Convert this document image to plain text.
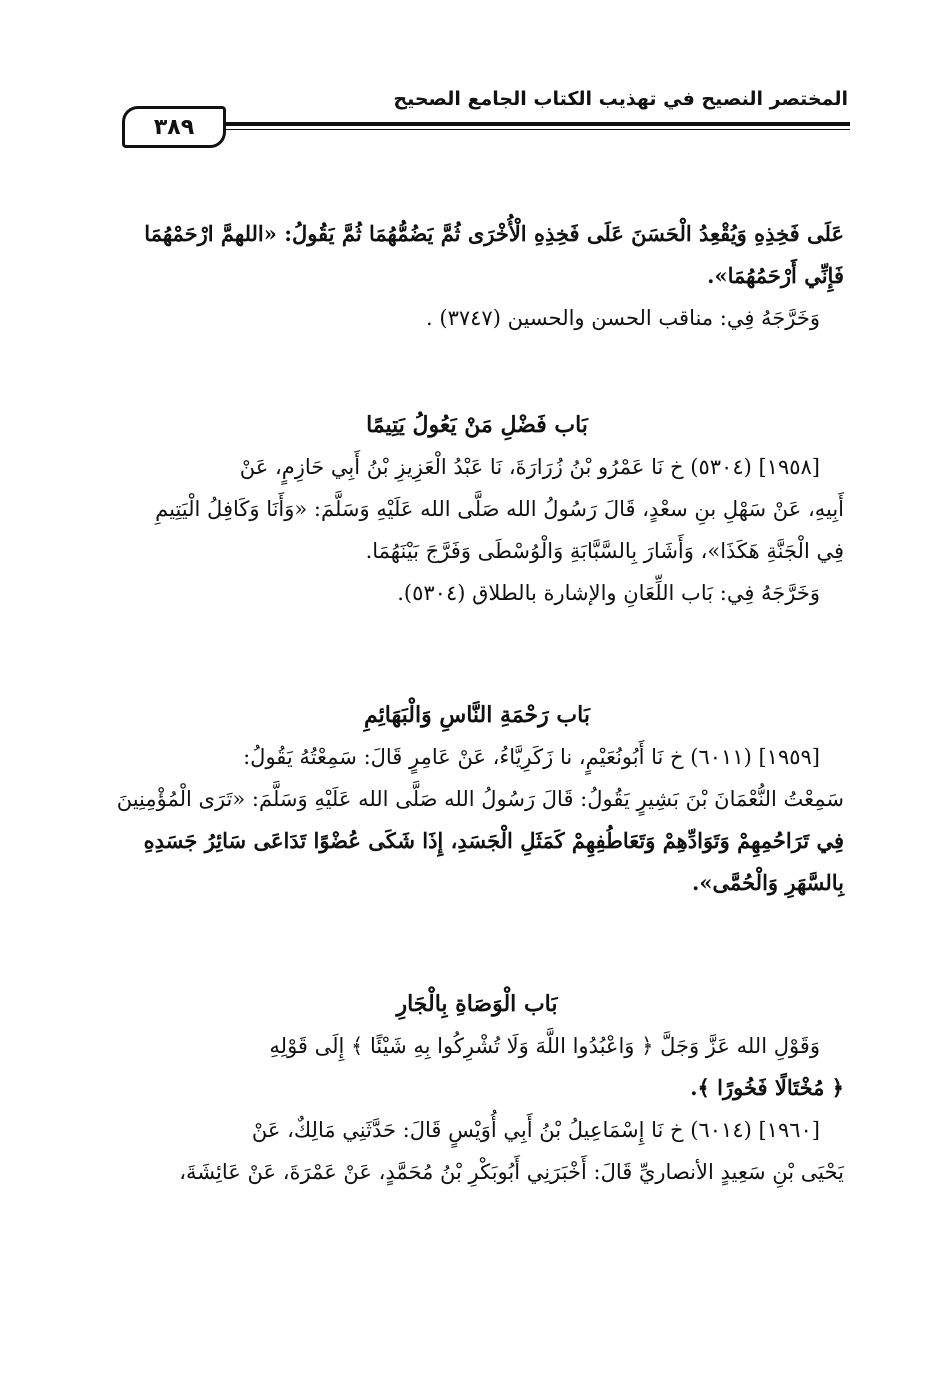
المختصر النصيح في تهذيب الكتاب الجامع الصحيح
٣٨٩

عَلَى فَخِذِهِ وَيُقْعِدُ الْحَسَنَ عَلَى فَخِذِهِ الْأُخْرَى ثُمَّ يَضُمُّهُمَا ثُمَّ يَقُولُ: «اللهمَّ ارْحَمْهُمَا

فَإِنِّي أَرْحَمُهُمَا».

وَخَرَّجَهُ فِي: مناقب الحسن والحسين (٣٧٤٧) .

بَاب فَضْلِ مَنْ يَعُولُ يَتِيمًا

[١٩٥٨] (٥٣٠٤) خ نَا عَمْرُو بْنُ زُرَارَةَ، نَا عَبْدُ الْعَزِيزِ بْنُ أَبِي حَازِمٍ، عَنْ

أَبِيهِ، عَنْ سَهْلِ بنِ سعْدٍ، قَالَ رَسُولُ الله صَلَّى الله عَلَيْهِ وَسَلَّمَ: «وَأَنَا وَكَافِلُ الْيَتِيمِ

فِي الْجَنَّةِ هَكَذَا»، وَأَشَارَ بِالسَّبَّابَةِ وَالْوُسْطَى وَفَرَّجَ بَيْنَهُمَا.

وَخَرَّجَهُ فِي: بَاب اللِّعَانِ والإشارة بالطلاق (٥٣٠٤).

بَاب رَحْمَةِ النَّاسِ وَالْبَهَائِمِ

[١٩٥٩] (٦٠١١) خ نَا أَبُونُعَيْمٍ، نا زَكَرِيَّاءُ، عَنْ عَامِرٍ قَالَ: سَمِعْتُهُ يَقُولُ:

سَمِعْتُ النُّعْمَانَ بْنَ بَشِيرٍ يَقُولُ: قَالَ رَسُولُ الله صَلَّى الله عَلَيْهِ وَسَلَّمَ: «تَرَى الْمُؤْمِنِينَ

فِي تَرَاحُمِهِمْ وَتَوَادِّهِمْ وَتَعَاطُفِهِمْ كَمَثَلِ الْجَسَدِ، إِذَا شَكَى عُضْوًا تَدَاعَى سَائِرُ جَسَدِهِ

بِالسَّهَرِ وَالْحُمَّى».

بَاب الْوَصَاةِ بِالْجَارِ

وَقَوْلِ الله عَزَّ وَجَلَّ ﴿ وَاعْبُدُوا اللَّهَ وَلَا تُشْرِكُوا بِهِ شَيْئًا ﴾ إِلَى قَوْلِهِ

﴿ مُخْتَالًا فَخُورًا ﴾.

[١٩٦٠] (٦٠١٤) خ نَا إِسْمَاعِيلُ بْنُ أَبِي أُوَيْسٍ قَالَ: حَدَّثَنِي مَالِكٌ، عَنْ

يَحْيَى بْنِ سَعِيدٍ الأنصاريِّ قَالَ: أَخْبَرَنِي أَبُوبَكْرِ بْنُ مُحَمَّدٍ، عَنْ عَمْرَةَ، عَنْ عَائِشَةَ،
